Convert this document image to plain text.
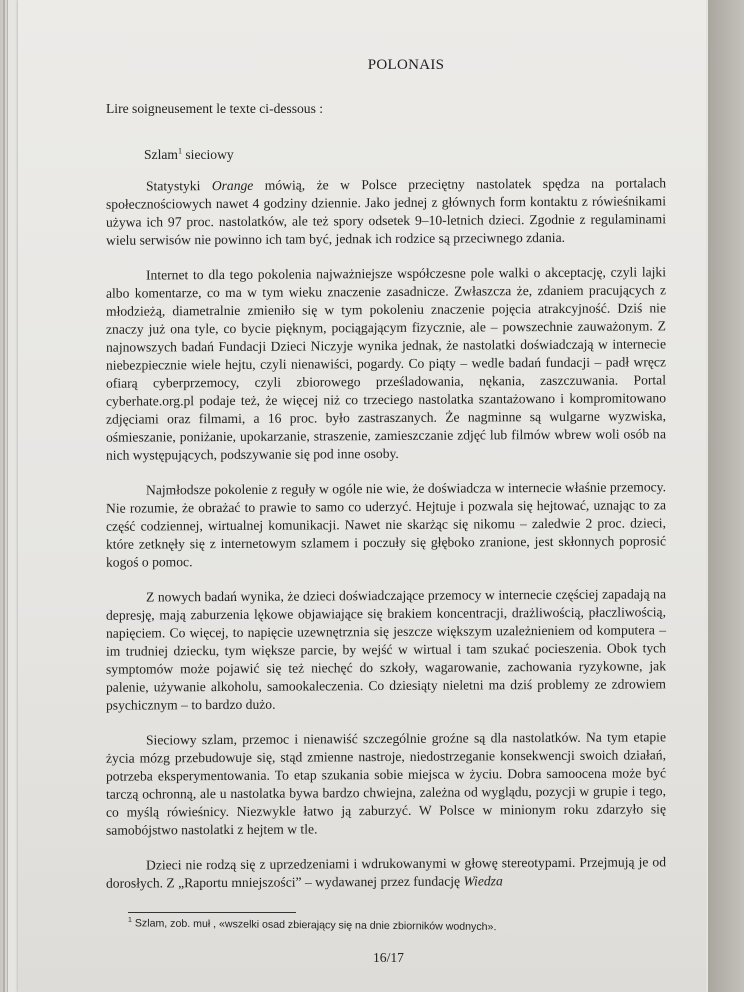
POLONAIS
Lire soigneusement le texte ci-dessous :
Szlam$^1$ sieciowy

Statystyki Orange mówią, że w Polsce przeciętny nastolatek spędza na portalach społecznościowych nawet 4 godziny dziennie. Jako jednej z głównych form kontaktu z rówieśnikami używa ich 97 proc. nastolatków, ale też spory odsetek 9–10-letnich dzieci. Zgodnie z regulaminami wielu serwisów nie powinno ich tam być, jednak ich rodzice są przeciwnego zdania.

Internet to dla tego pokolenia najważniejsze współczesne pole walki o akceptację, czyli lajki albo komentarze, co ma w tym wieku znaczenie zasadnicze. Zwłaszcza że, zdaniem pracujących z młodzieżą, diametralnie zmieniło się w tym pokoleniu znaczenie pojęcia atrakcyjność. Dziś nie znaczy już ona tyle, co bycie pięknym, pociągającym fizycznie, ale – powszechnie zauważonym. Z najnowszych badań Fundacji Dzieci Niczyje wynika jednak, że nastolatki doświadczają w internecie niebezpiecznie wiele hejtu, czyli nienawiści, pogardy. Co piąty – wedle badań fundacji – padł wręcz ofiarą cyberprzemocy, czyli zbiorowego prześladowania, nękania, zaszczuwania. Portal cyberhate.org.pl podaje też, że więcej niż co trzeciego nastolatka szantażowano i kompromitowano zdjęciami oraz filmami, a 16 proc. było zastraszanych. Że nagminne są wulgarne wyzwiska, ośmieszanie, poniżanie, upokarzanie, straszenie, zamieszczanie zdjęć lub filmów wbrew woli osób na nich występujących, podszywanie się pod inne osoby.

Najmłodsze pokolenie z reguły w ogóle nie wie, że doświadcza w internecie właśnie przemocy. Nie rozumie, że obrażać to prawie to samo co uderzyć. Hejtuje i pozwala się hejtować, uznając to za część codziennej, wirtualnej komunikacji. Nawet nie skarżąc się nikomu – zaledwie 2 proc. dzieci, które zetknęły się z internetowym szlamem i poczuły się głęboko zranione, jest skłonnych poprosić kogoś o pomoc.

Z nowych badań wynika, że dzieci doświadczające przemocy w internecie częściej zapadają na depresję, mają zaburzenia lękowe objawiające się brakiem koncentracji, drażliwością, płaczliwością, napięciem. Co więcej, to napięcie uzewnętrznia się jeszcze większym uzależnieniem od komputera – im trudniej dziecku, tym większe parcie, by wejść w wirtual i tam szukać pocieszenia. Obok tych symptomów może pojawić się też niechęć do szkoły, wagarowanie, zachowania ryzykowne, jak palenie, używanie alkoholu, samookaleczenia. Co dziesiąty nieletni ma dziś problemy ze zdrowiem psychicznym – to bardzo dużo.

Sieciowy szlam, przemoc i nienawiść szczególnie groźne są dla nastolatków. Na tym etapie życia mózg przebudowuje się, stąd zmienne nastroje, niedostrzeganie konsekwencji swoich działań, potrzeba eksperymentowania. To etap szukania sobie miejsca w życiu. Dobra samoocena może być tarczą ochronną, ale u nastolatka bywa bardzo chwiejna, zależna od wyglądu, pozycji w grupie i tego, co myślą rówieśnicy. Niezwykle łatwo ją zaburzyć. W Polsce w minionym roku zdarzyło się samobójstwo nastolatki z hejtem w tle.

Dzieci nie rodzą się z uprzedzeniami i wdrukowanymi w głowę stereotypami. Przejmują je od dorosłych. Z „Raportu mniejszości” – wydawanej przez fundację Wiedza

$^1$ Szlam, zob. muł , «wszelki osad zbierający się na dnie zbiorników wodnych».
16/17
